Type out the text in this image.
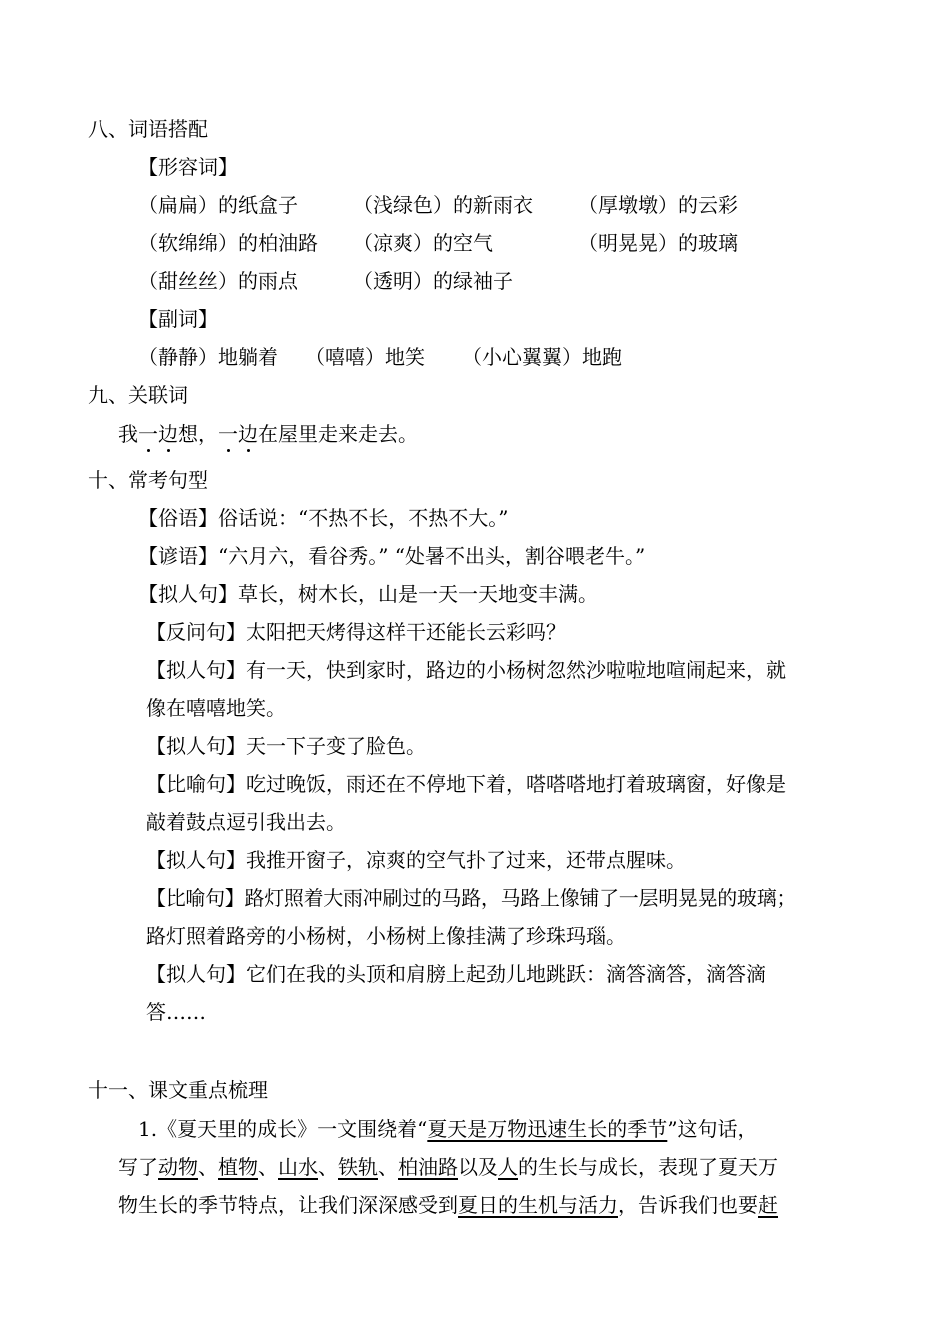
八、词语搭配
【形容词】
（扁扁）的纸盒子	（浅绿色）的新雨衣 （厚墩墩）的云彩
（软绵绵）的柏油路 （凉爽）的空气	（明晃晃）的玻璃
（甜丝丝）的雨点	（透明）的绿袖子
【副词】
（静静）地躺着 （嘻嘻）地笑 （小心翼翼）地跑
九、关联词
我一边想，一边在屋里走来走去。
十、常考句型
【俗语】俗话说：“不热不长，不热不大。”
【谚语】“六月六，看谷秀。” “处暑不出头，割谷喂老牛。”
【拟人句】草长，树木长，山是一天一天地变丰满。
【反问句】太阳把天烤得这样干还能长云彩吗？
【拟人句】有一天，快到家时，路边的小杨树忽然沙啦啦地喧闹起来，就
像在嘻嘻地笑。
【拟人句】天一下子变了脸色。
【比喻句】吃过晚饭，雨还在不停地下着，嗒嗒嗒地打着玻璃窗，好像是
敲着鼓点逗引我出去。
【拟人句】我推开窗子，凉爽的空气扑了过来，还带点腥味。
【比喻句】路灯照着大雨冲刷过的马路，马路上像铺了一层明晃晃的玻璃；
路灯照着路旁的小杨树，小杨树上像挂满了珍珠玛瑙。
【拟人句】它们在我的头顶和肩膀上起劲儿地跳跃：滴答滴答，滴答滴
答……
十一、课文重点梳理
1.《夏天里的成长》一文围绕着“夏天是万物迅速生长的季节”这句话，
写了动物、植物、山水、铁轨、柏油路以及人的生长与成长，表现了夏天万
物生长的季节特点，让我们深深感受到夏日的生机与活力，告诉我们也要赶
